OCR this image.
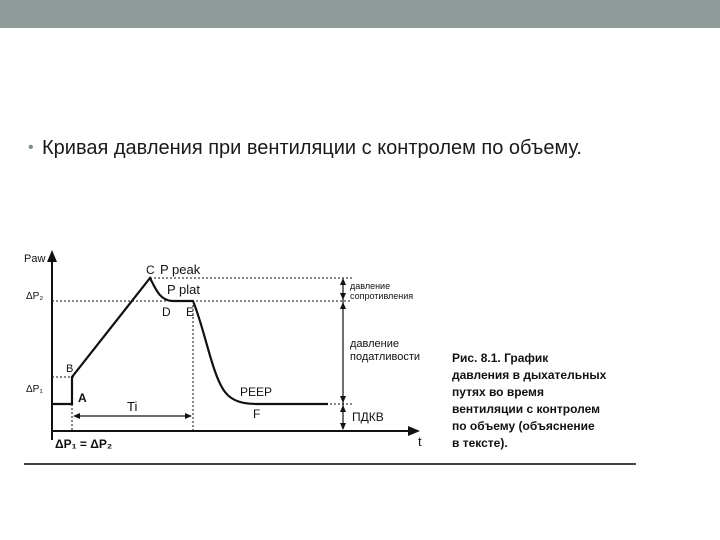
• Кривая давления при вентиляции с контролем по объему.
Paw
t
ΔP₂
ΔP₁
A
B
C
D E
F
P peak
P plat
PEEP
Ti
давление
сопротивления
давление
податливости
ПДКВ
ΔP₁ = ΔP₂
Рис. 8.1. График
давления в дыхательных
путях во время
вентиляции с контролем
по объему (объяснение
в тексте).
